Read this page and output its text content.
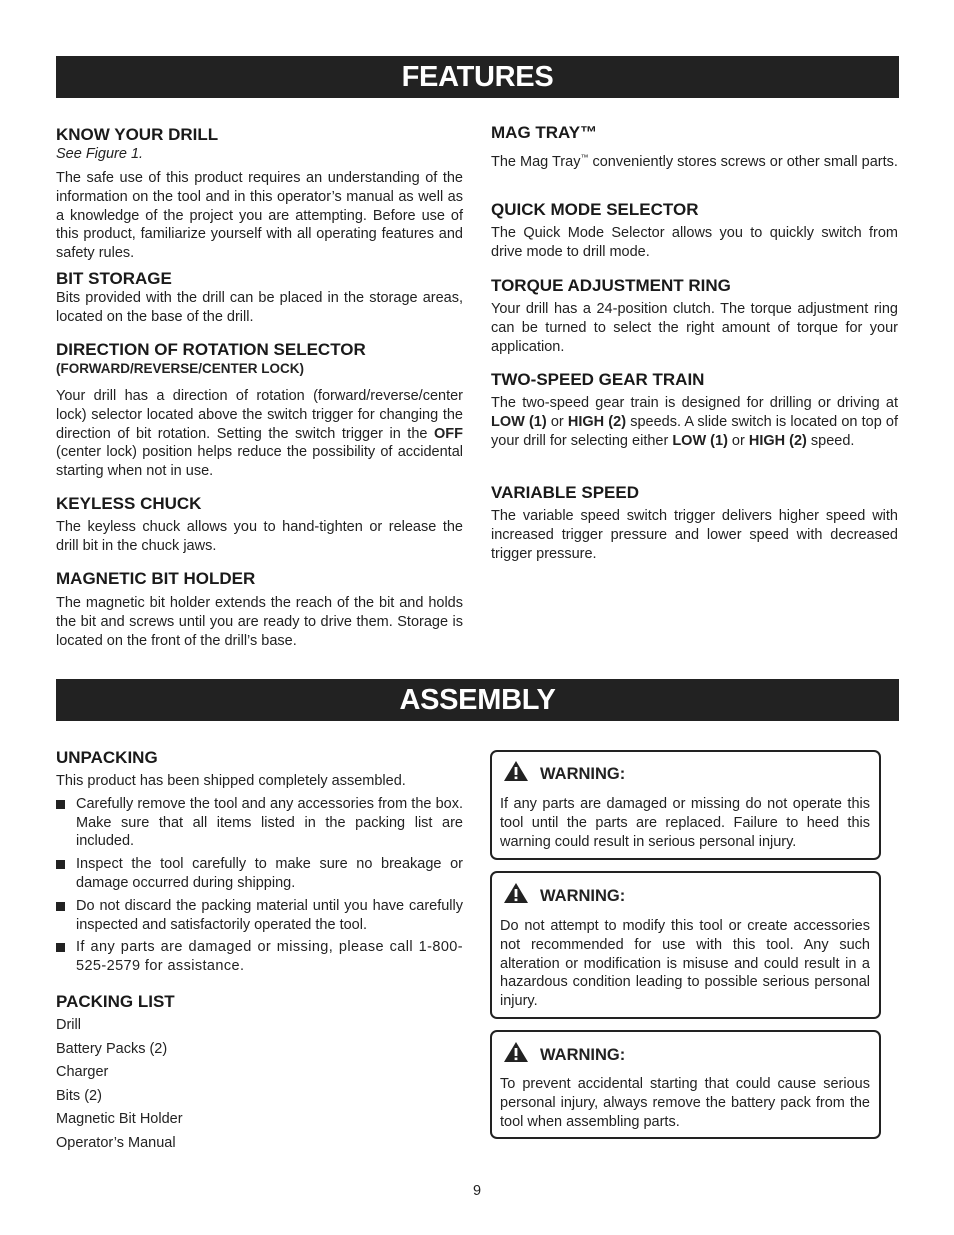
FEATURES

KNOW YOUR DRILL

See Figure 1.

The safe use of this product requires an understanding of the information on the tool and in this operator’s manual as well as a knowledge of the project you are attempting. Before use of this product, familiarize yourself with all operating features and safety rules.

BIT STORAGE

Bits provided with the drill can be placed in the storage areas, located on the base of the drill.

DIRECTION OF ROTATION SELECTOR

(FORWARD/REVERSE/CENTER LOCK)

Your drill has a direction of rotation (forward/reverse/center lock) selector located above the switch trigger for changing the direction of bit rotation. Setting the switch trigger in the OFF (center lock) position helps reduce the possibility of accidental starting when not in use.

KEYLESS CHUCK

The keyless chuck allows you to hand-tighten or release the drill bit in the chuck jaws.

MAGNETIC BIT HOLDER

The magnetic bit holder extends the reach of the bit and holds the bit and screws until you are ready to drive them. Storage is located on the front of the drill’s base.

MAG TRAY™

The Mag Tray™ conveniently stores screws or other small parts.

QUICK MODE SELECTOR

The Quick Mode Selector allows you to quickly switch from drive mode to drill mode.

TORQUE ADJUSTMENT RING

Your drill has a 24-position clutch. The torque adjustment ring can be turned to select the right amount of torque for your application.

TWO-SPEED GEAR TRAIN

The two-speed gear train is designed for drilling or driving at LOW (1) or HIGH (2) speeds. A slide switch is located on top of your drill for selecting either LOW (1) or HIGH (2) speed.

VARIABLE SPEED

The variable speed switch trigger delivers higher speed with increased trigger pressure and lower speed with decreased trigger pressure.

ASSEMBLY

UNPACKING

This product has been shipped completely assembled.

Carefully remove the tool and any accessories from the box. Make sure that all items listed in the packing list are included.
Inspect the tool carefully to make sure no breakage or damage occurred during shipping.
Do not discard the packing material until you have carefully inspected and satisfactorily operated the tool.
If any parts are damaged or missing, please call 1-800-525-2579 for assistance.

PACKING LIST

Drill

Battery Packs (2)

Charger

Bits (2)

Magnetic Bit Holder

Operator’s Manual

WARNING:
If any parts are damaged or missing do not operate this tool until the parts are replaced. Failure to heed this warning could result in serious personal injury.
WARNING:
Do not attempt to modify this tool or create accessories not recommended for use with this tool. Any such alteration or modification is misuse and could result in a hazardous condition leading to possible serious personal injury.
WARNING:
To prevent accidental starting that could cause serious personal injury, always remove the battery pack from the tool when assembling parts.
9
